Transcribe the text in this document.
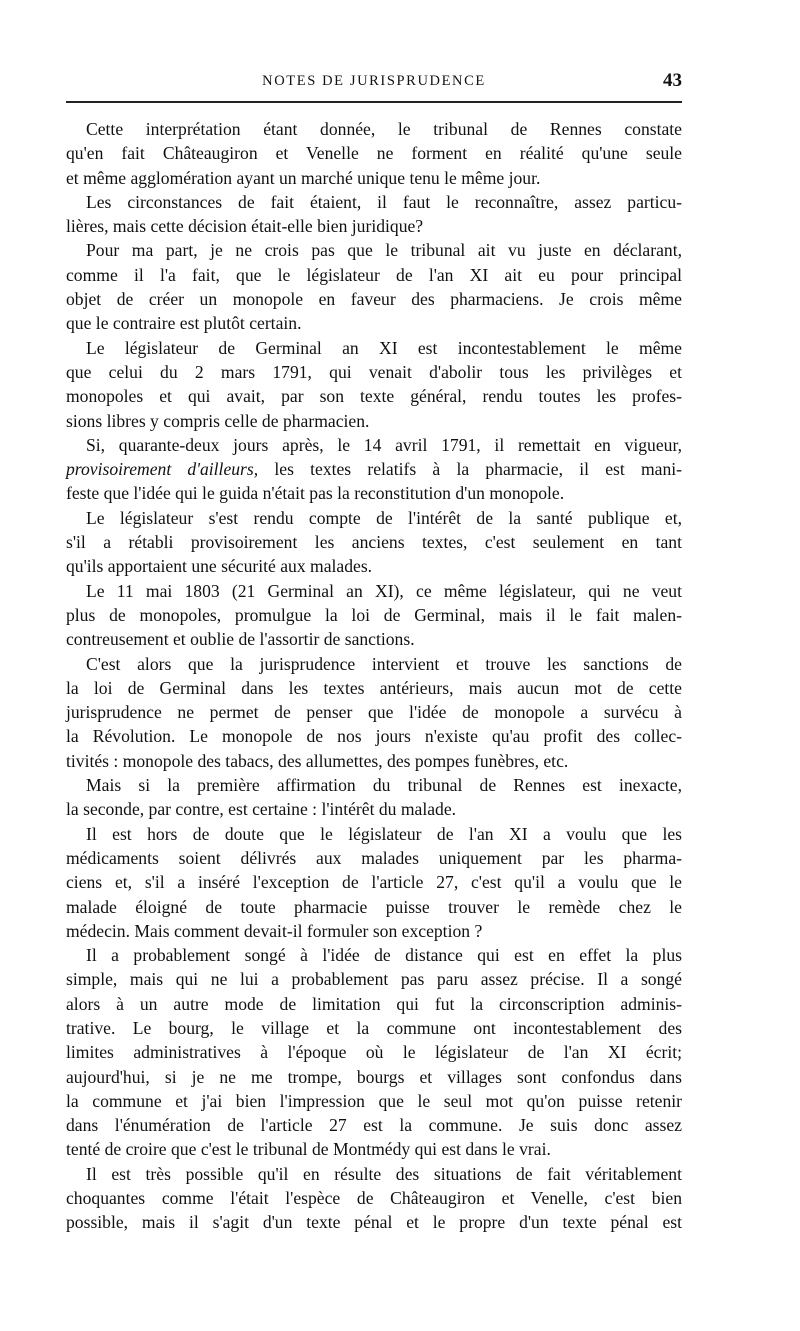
NOTES DE JURISPRUDENCE	43
Cette interprétation étant donnée, le tribunal de Rennes constate
qu'en fait Châteaugiron et Venelle ne forment en réalité qu'une seule
et même agglomération ayant un marché unique tenu le même jour.
Les circonstances de fait étaient, il faut le reconnaître, assez particu-
lières, mais cette décision était-elle bien juridique?
Pour ma part, je ne crois pas que le tribunal ait vu juste en déclarant,
comme il l'a fait, que le législateur de l'an XI ait eu pour principal
objet de créer un monopole en faveur des pharmaciens. Je crois même
que le contraire est plutôt certain.
Le législateur de Germinal an XI est incontestablement le même
que celui du 2 mars 1791, qui venait d'abolir tous les privilèges et
monopoles et qui avait, par son texte général, rendu toutes les profes-
sions libres y compris celle de pharmacien.
Si, quarante-deux jours après, le 14 avril 1791, il remettait en vigueur,
provisoirement d'ailleurs, les textes relatifs à la pharmacie, il est mani-
feste que l'idée qui le guida n'était pas la reconstitution d'un monopole.
Le législateur s'est rendu compte de l'intérêt de la santé publique et,
s'il a rétabli provisoirement les anciens textes, c'est seulement en tant
qu'ils apportaient une sécurité aux malades.
Le 11 mai 1803 (21 Germinal an XI), ce même législateur, qui ne veut
plus de monopoles, promulgue la loi de Germinal, mais il le fait malen-
contreusement et oublie de l'assortir de sanctions.
C'est alors que la jurisprudence intervient et trouve les sanctions de
la loi de Germinal dans les textes antérieurs, mais aucun mot de cette
jurisprudence ne permet de penser que l'idée de monopole a survécu à
la Révolution. Le monopole de nos jours n'existe qu'au profit des collec-
tivités : monopole des tabacs, des allumettes, des pompes funèbres, etc.
Mais si la première affirmation du tribunal de Rennes est inexacte,
la seconde, par contre, est certaine : l'intérêt du malade.
Il est hors de doute que le législateur de l'an XI a voulu que les
médicaments soient délivrés aux malades uniquement par les pharma-
ciens et, s'il a inséré l'exception de l'article 27, c'est qu'il a voulu que le
malade éloigné de toute pharmacie puisse trouver le remède chez le
médecin. Mais comment devait-il formuler son exception ?
Il a probablement songé à l'idée de distance qui est en effet la plus
simple, mais qui ne lui a probablement pas paru assez précise. Il a songé
alors à un autre mode de limitation qui fut la circonscription adminis-
trative. Le bourg, le village et la commune ont incontestablement des
limites administratives à l'époque où le législateur de l'an XI écrit;
aujourd'hui, si je ne me trompe, bourgs et villages sont confondus dans
la commune et j'ai bien l'impression que le seul mot qu'on puisse retenir
dans l'énumération de l'article 27 est la commune. Je suis donc assez
tenté de croire que c'est le tribunal de Montmédy qui est dans le vrai.
Il est très possible qu'il en résulte des situations de fait véritablement
choquantes comme l'était l'espèce de Châteaugiron et Venelle, c'est bien
possible, mais il s'agit d'un texte pénal et le propre d'un texte pénal est
